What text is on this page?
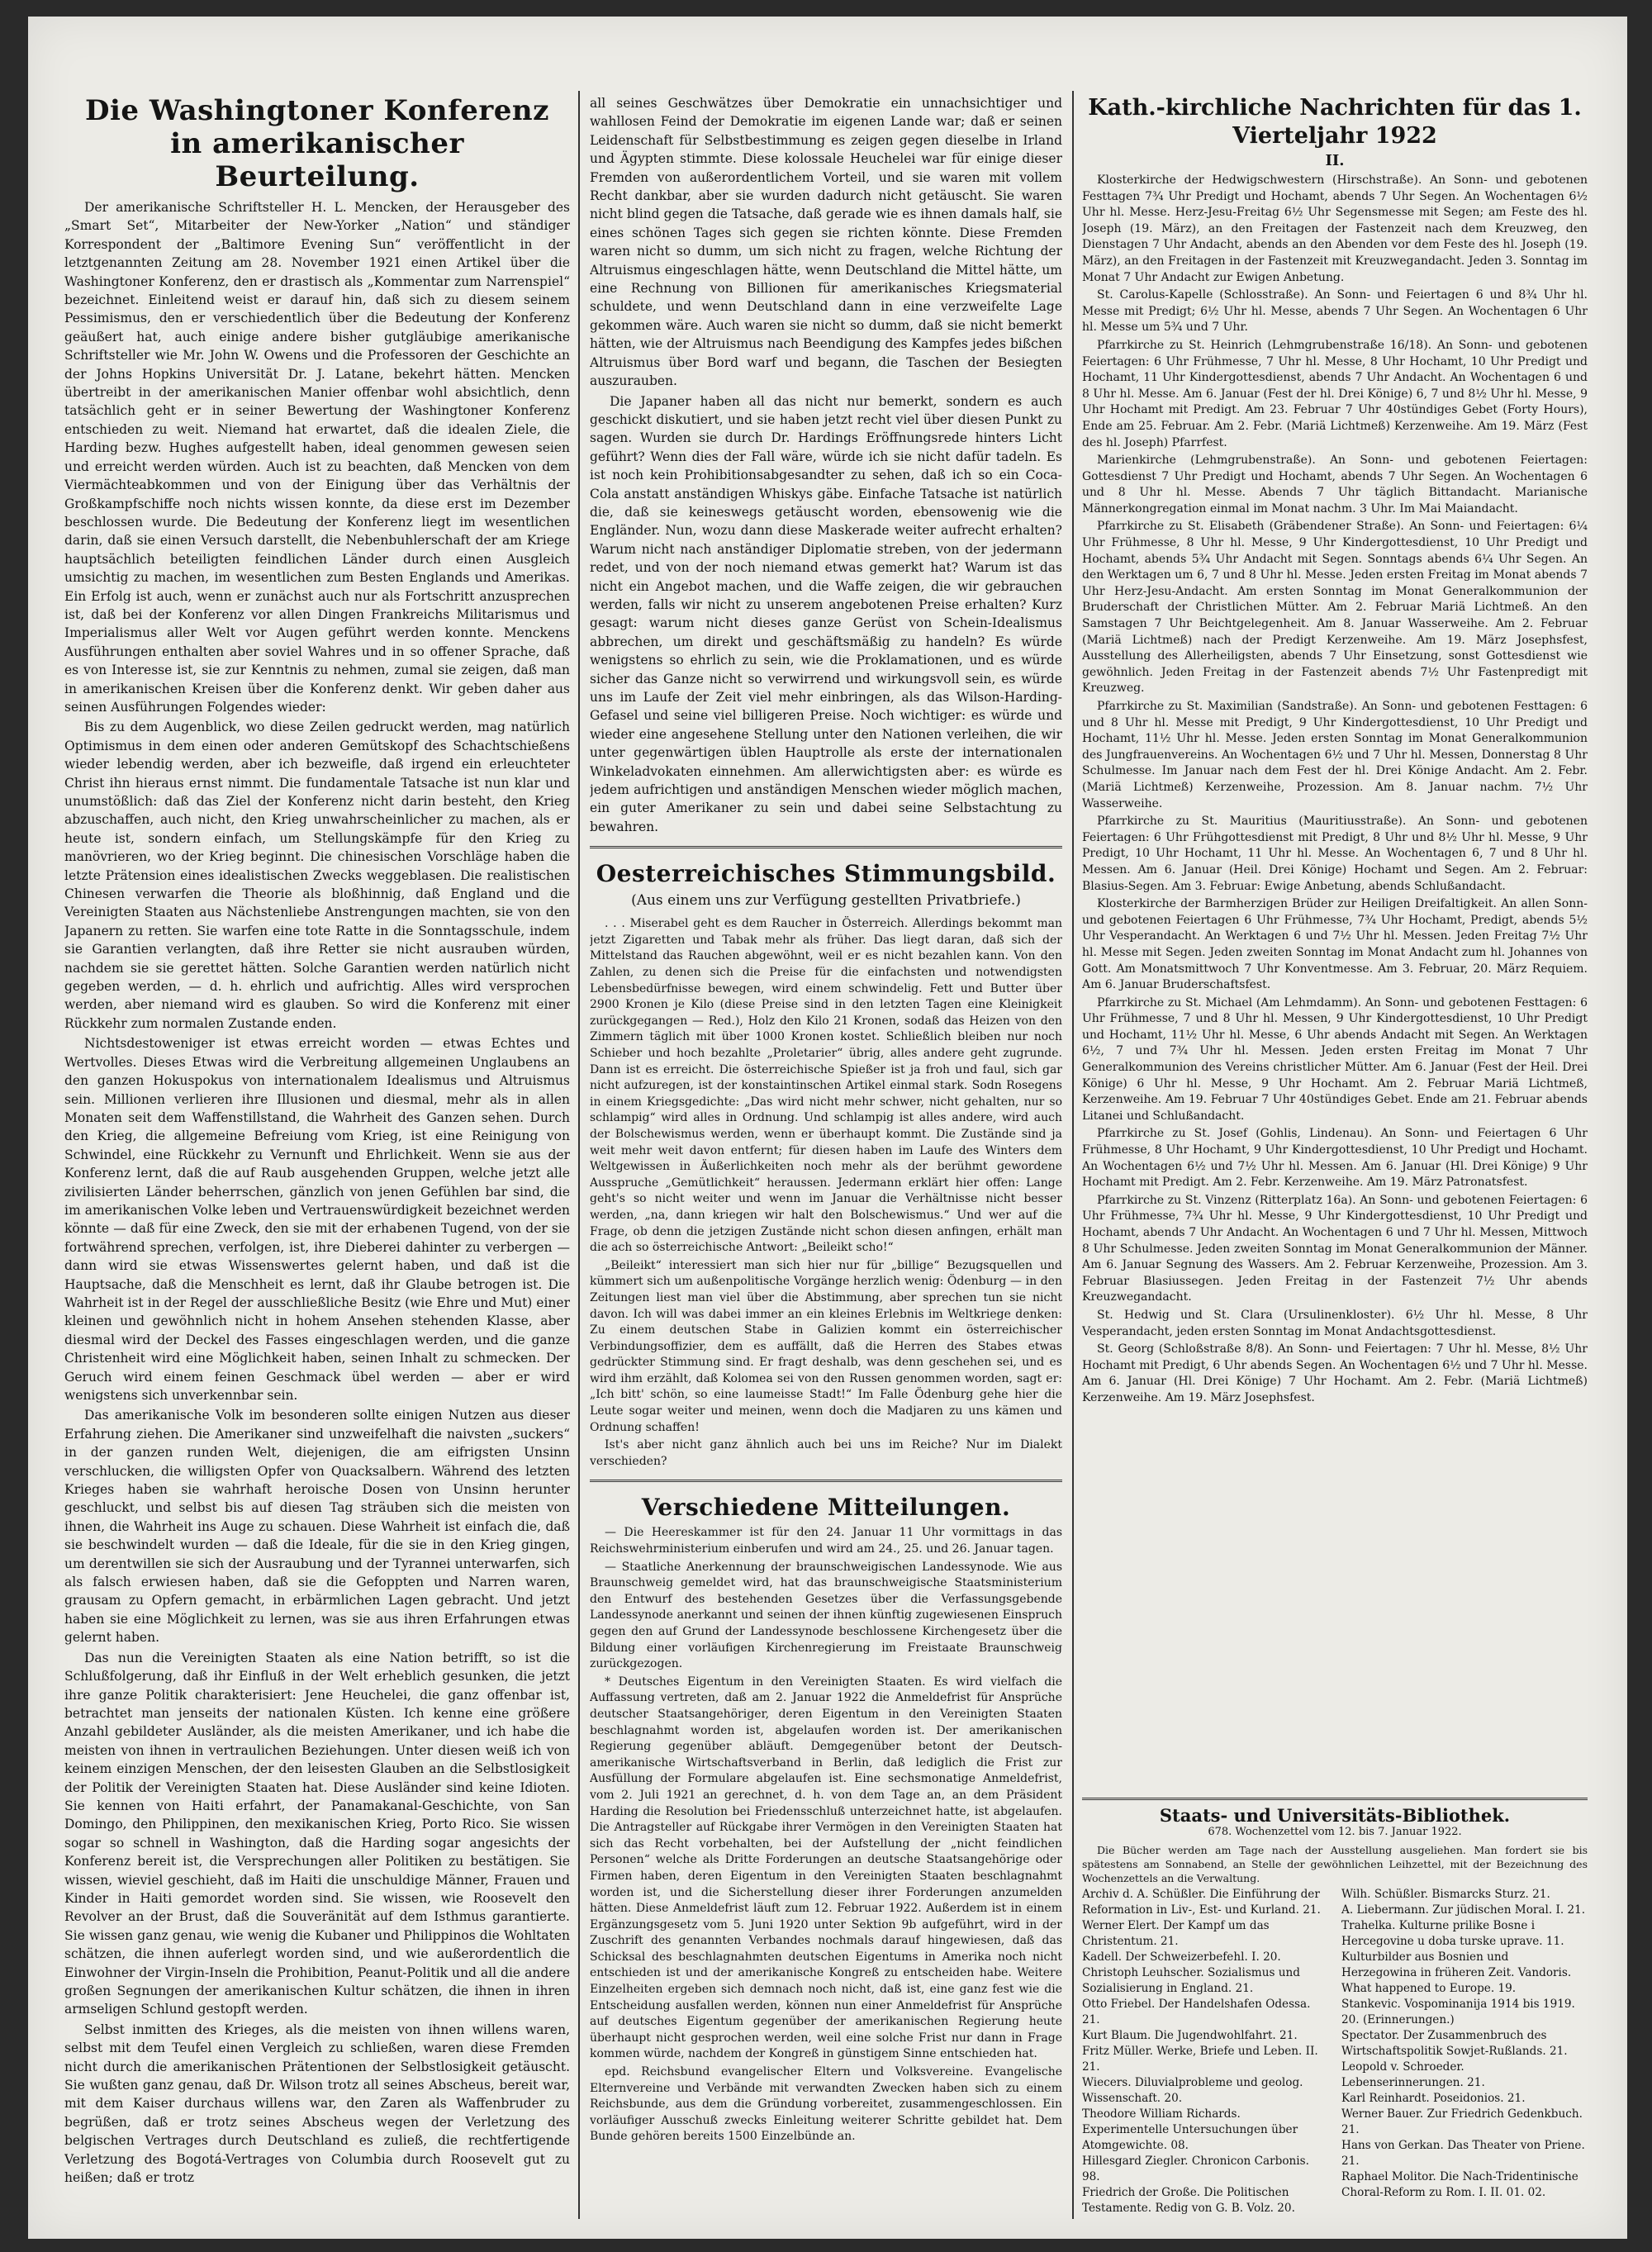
Die Washingtoner Konferenz in amerikanischer Beurteilung.

Der amerikanische Schriftsteller H. L. Mencken, der Herausgeber des „Smart Set“, Mitarbeiter der New-Yorker „Nation“ und ständiger Korrespondent der „Baltimore Evening Sun“ veröffentlicht in der letztgenannten Zeitung am 28. November 1921 einen Artikel über die Washingtoner Konferenz, den er drastisch als „Kommentar zum Narrenspiel“ bezeichnet. Einleitend weist er darauf hin, daß sich zu diesem seinem Pessimismus, den er verschiedentlich über die Bedeutung der Konferenz geäußert hat, auch einige andere bisher gutgläubige amerikanische Schriftsteller wie Mr. John W. Owens und die Professoren der Geschichte an der Johns Hopkins Universität Dr. J. Latane, bekehrt hätten. Mencken übertreibt in der amerikanischen Manier offenbar wohl absichtlich, denn tatsächlich geht er in seiner Bewertung der Washingtoner Konferenz entschieden zu weit. Niemand hat erwartet, daß die idealen Ziele, die Harding bezw. Hughes aufgestellt haben, ideal genommen gewesen seien und erreicht werden würden. Auch ist zu beachten, daß Mencken von dem Viermächteabkommen und von der Einigung über das Verhältnis der Großkampfschiffe noch nichts wissen konnte, da diese erst im Dezember beschlossen wurde. Die Bedeutung der Konferenz liegt im wesentlichen darin, daß sie einen Versuch darstellt, die Nebenbuhlerschaft der am Kriege hauptsächlich beteiligten feindlichen Länder durch einen Ausgleich umsichtig zu machen, im wesentlichen zum Besten Englands und Amerikas. Ein Erfolg ist auch, wenn er zunächst auch nur als Fortschritt anzusprechen ist, daß bei der Konferenz vor allen Dingen Frankreichs Militarismus und Imperialismus aller Welt vor Augen geführt werden konnte. Menckens Ausführungen enthalten aber soviel Wahres und in so offener Sprache, daß es von Interesse ist, sie zur Kenntnis zu nehmen, zumal sie zeigen, daß man in amerikanischen Kreisen über die Konferenz denkt. Wir geben daher aus seinen Ausführungen Folgendes wieder:

Bis zu dem Augenblick, wo diese Zeilen gedruckt werden, mag natürlich Optimismus in dem einen oder anderen Gemütskopf des Schachtschießens wieder lebendig werden, aber ich bezweifle, daß irgend ein erleuchteter Christ ihn hieraus ernst nimmt. Die fundamentale Tatsache ist nun klar und unumstößlich: daß das Ziel der Konferenz nicht darin besteht, den Krieg abzuschaffen, auch nicht, den Krieg unwahrscheinlicher zu machen, als er heute ist, sondern einfach, um Stellungskämpfe für den Krieg zu manövrieren, wo der Krieg beginnt. Die chinesischen Vorschläge haben die letzte Prätension eines idealistischen Zwecks weggeblasen. Die realistischen Chinesen verwarfen die Theorie als bloßhinnig, daß England und die Vereinigten Staaten aus Nächstenliebe Anstrengungen machten, sie von den Japanern zu retten. Sie warfen eine tote Ratte in die Sonntagsschule, indem sie Garantien verlangten, daß ihre Retter sie nicht ausrauben würden, nachdem sie sie gerettet hätten. Solche Garantien werden natürlich nicht gegeben werden, — d. h. ehrlich und aufrichtig. Alles wird versprochen werden, aber niemand wird es glauben. So wird die Konferenz mit einer Rückkehr zum normalen Zustande enden.

Nichtsdestoweniger ist etwas erreicht worden — etwas Echtes und Wertvolles. Dieses Etwas wird die Verbreitung allgemeinen Unglaubens an den ganzen Hokuspokus von internationalem Idealismus und Altruismus sein. Millionen verlieren ihre Illusionen und diesmal, mehr als in allen Monaten seit dem Waffenstillstand, die Wahrheit des Ganzen sehen. Durch den Krieg, die allgemeine Befreiung vom Krieg, ist eine Reinigung von Schwindel, eine Rückkehr zu Vernunft und Ehrlichkeit. Wenn sie aus der Konferenz lernt, daß die auf Raub ausgehenden Gruppen, welche jetzt alle zivilisierten Länder beherrschen, gänzlich von jenen Gefühlen bar sind, die im amerikanischen Volke leben und Vertrauenswürdigkeit bezeichnet werden könnte — daß für eine Zweck, den sie mit der erhabenen Tugend, von der sie fortwährend sprechen, verfolgen, ist, ihre Dieberei dahinter zu verbergen — dann wird sie etwas Wissenswertes gelernt haben, und daß ist die Hauptsache, daß die Menschheit es lernt, daß ihr Glaube betrogen ist. Die Wahrheit ist in der Regel der ausschließliche Besitz (wie Ehre und Mut) einer kleinen und gewöhnlich nicht in hohem Ansehen stehenden Klasse, aber diesmal wird der Deckel des Fasses eingeschlagen werden, und die ganze Christenheit wird eine Möglichkeit haben, seinen Inhalt zu schmecken. Der Geruch wird einem feinen Geschmack übel werden — aber er wird wenigstens sich unverkennbar sein.

Das amerikanische Volk im besonderen sollte einigen Nutzen aus dieser Erfahrung ziehen. Die Amerikaner sind unzweifelhaft die naivsten „suckers“ in der ganzen runden Welt, diejenigen, die am eifrigsten Unsinn verschlucken, die willigsten Opfer von Quacksalbern. Während des letzten Krieges haben sie wahrhaft heroische Dosen von Unsinn herunter geschluckt, und selbst bis auf diesen Tag sträuben sich die meisten von ihnen, die Wahrheit ins Auge zu schauen. Diese Wahrheit ist einfach die, daß sie beschwindelt wurden — daß die Ideale, für die sie in den Krieg gingen, um derentwillen sie sich der Ausraubung und der Tyrannei unterwarfen, sich als falsch erwiesen haben, daß sie die Gefoppten und Narren waren, grausam zu Opfern gemacht, in erbärmlichen Lagen gebracht. Und jetzt haben sie eine Möglichkeit zu lernen, was sie aus ihren Erfahrungen etwas gelernt haben.

Das nun die Vereinigten Staaten als eine Nation betrifft, so ist die Schlußfolgerung, daß ihr Einfluß in der Welt erheblich gesunken, die jetzt ihre ganze Politik charakterisiert: Jene Heuchelei, die ganz offenbar ist, betrachtet man jenseits der nationalen Küsten. Ich kenne eine größere Anzahl gebildeter Ausländer, als die meisten Amerikaner, und ich habe die meisten von ihnen in vertraulichen Beziehungen. Unter diesen weiß ich von keinem einzigen Menschen, der den leisesten Glauben an die Selbstlosigkeit der Politik der Vereinigten Staaten hat. Diese Ausländer sind keine Idioten. Sie kennen von Haiti erfahrt, der Panamakanal-Geschichte, von San Domingo, den Philippinen, den mexikanischen Krieg, Porto Rico. Sie wissen sogar so schnell in Washington, daß die Harding sogar angesichts der Konferenz bereit ist, die Versprechungen aller Politiken zu bestätigen. Sie wissen, wieviel geschieht, daß im Haiti die unschuldige Männer, Frauen und Kinder in Haiti gemordet worden sind. Sie wissen, wie Roosevelt den Revolver an der Brust, daß die Souveränität auf dem Isthmus garantierte. Sie wissen ganz genau, wie wenig die Kubaner und Philippinos die Wohltaten schätzen, die ihnen auferlegt worden sind, und wie außerordentlich die Einwohner der Virgin-Inseln die Prohibition, Peanut-Politik und all die andere großen Segnungen der amerikanischen Kultur schätzen, die ihnen in ihren armseligen Schlund gestopft werden.

Selbst inmitten des Krieges, als die meisten von ihnen willens waren, selbst mit dem Teufel einen Vergleich zu schließen, waren diese Fremden nicht durch die amerikanischen Prätentionen der Selbstlosigkeit getäuscht. Sie wußten ganz genau, daß Dr. Wilson trotz all seines Abscheus, bereit war, mit dem Kaiser durchaus willens war, den Zaren als Waffenbruder zu begrüßen, daß er trotz seines Abscheus wegen der Verletzung des belgischen Vertrages durch Deutschland es zuließ, die rechtfertigende Verletzung des Bogotá-Vertrages von Columbia durch Roosevelt gut zu heißen; daß er trotz

all seines Geschwätzes über Demokratie ein unnachsichtiger und wahllosen Feind der Demokratie im eigenen Lande war; daß er seinen Leidenschaft für Selbstbestimmung es zeigen gegen dieselbe in Irland und Ägypten stimmte. Diese kolossale Heuchelei war für einige dieser Fremden von außerordentlichem Vorteil, und sie waren mit vollem Recht dankbar, aber sie wurden dadurch nicht getäuscht. Sie waren nicht blind gegen die Tatsache, daß gerade wie es ihnen damals half, sie eines schönen Tages sich gegen sie richten könnte. Diese Fremden waren nicht so dumm, um sich nicht zu fragen, welche Richtung der Altruismus eingeschlagen hätte, wenn Deutschland die Mittel hätte, um eine Rechnung von Billionen für amerikanisches Kriegsmaterial schuldete, und wenn Deutschland dann in eine verzweifelte Lage gekommen wäre. Auch waren sie nicht so dumm, daß sie nicht bemerkt hätten, wie der Altruismus nach Beendigung des Kampfes jedes bißchen Altruismus über Bord warf und begann, die Taschen der Besiegten auszurauben.

Die Japaner haben all das nicht nur bemerkt, sondern es auch geschickt diskutiert, und sie haben jetzt recht viel über diesen Punkt zu sagen. Wurden sie durch Dr. Hardings Eröffnungsrede hinters Licht geführt? Wenn dies der Fall wäre, würde ich sie nicht dafür tadeln. Es ist noch kein Prohibitionsabgesandter zu sehen, daß ich so ein Coca-Cola anstatt anständigen Whiskys gäbe. Einfache Tatsache ist natürlich die, daß sie keineswegs getäuscht worden, ebensowenig wie die Engländer. Nun, wozu dann diese Maskerade weiter aufrecht erhalten? Warum nicht nach anständiger Diplomatie streben, von der jedermann redet, und von der noch niemand etwas gemerkt hat? Warum ist das nicht ein Angebot machen, und die Waffe zeigen, die wir gebrauchen werden, falls wir nicht zu unserem angebotenen Preise erhalten? Kurz gesagt: warum nicht dieses ganze Gerüst von Schein-Idealismus abbrechen, um direkt und geschäftsmäßig zu handeln? Es würde wenigstens so ehrlich zu sein, wie die Proklamationen, und es würde sicher das Ganze nicht so verwirrend und wirkungsvoll sein, es würde uns im Laufe der Zeit viel mehr einbringen, als das Wilson-Harding-Gefasel und seine viel billigeren Preise. Noch wichtiger: es würde und wieder eine angesehene Stellung unter den Nationen verleihen, die wir unter gegenwärtigen üblen Hauptrolle als erste der internationalen Winkeladvokaten einnehmen. Am allerwichtigsten aber: es würde es jedem aufrichtigen und anständigen Menschen wieder möglich machen, ein guter Amerikaner zu sein und dabei seine Selbstachtung zu bewahren.

Oesterreichisches Stimmungsbild.
(Aus einem uns zur Verfügung gestellten Privatbriefe.)

. . . Miserabel geht es dem Raucher in Österreich. Allerdings bekommt man jetzt Zigaretten und Tabak mehr als früher. Das liegt daran, daß sich der Mittelstand das Rauchen abgewöhnt, weil er es nicht bezahlen kann. Von den Zahlen, zu denen sich die Preise für die einfachsten und notwendigsten Lebensbedürfnisse bewegen, wird einem schwindelig. Fett und Butter über 2900 Kronen je Kilo (diese Preise sind in den letzten Tagen eine Kleinigkeit zurückgegangen — Red.), Holz den Kilo 21 Kronen, sodaß das Heizen von den Zimmern täglich mit über 1000 Kronen kostet. Schließlich bleiben nur noch Schieber und hoch bezahlte „Proletarier“ übrig, alles andere geht zugrunde. Dann ist es erreicht. Die österreichische Spießer ist ja froh und faul, sich gar nicht aufzuregen, ist der konstaintinschen Artikel einmal stark. Sodn Rosegens in einem Kriegsgedichte: „Das wird nicht mehr schwer, nicht gehalten, nur so schlampig“ wird alles in Ordnung. Und schlampig ist alles andere, wird auch der Bolschewismus werden, wenn er überhaupt kommt. Die Zustände sind ja weit mehr weit davon entfernt; für diesen haben im Laufe des Winters dem Weltgewissen in Äußerlichkeiten noch mehr als der berühmt gewordene Ausspruche „Gemütlichkeit“ heraussen. Jedermann erklärt hier offen: Lange geht's so nicht weiter und wenn im Januar die Verhältnisse nicht besser werden, „na, dann kriegen wir halt den Bolschewismus.“ Und wer auf die Frage, ob denn die jetzigen Zustände nicht schon diesen anfingen, erhält man die ach so österreichische Antwort: „Beileikt scho!“

„Beileikt“ interessiert man sich hier nur für „billige“ Bezugsquellen und kümmert sich um außenpolitische Vorgänge herzlich wenig: Ödenburg — in den Zeitungen liest man viel über die Abstimmung, aber sprechen tun sie nicht davon. Ich will was dabei immer an ein kleines Erlebnis im Weltkriege denken: Zu einem deutschen Stabe in Galizien kommt ein österreichischer Verbindungsoffizier, dem es auffällt, daß die Herren des Stabes etwas gedrückter Stimmung sind. Er fragt deshalb, was denn geschehen sei, und es wird ihm erzählt, daß Kolomea sei von den Russen genommen worden, sagt er: „Ich bitt' schön, so eine laumeisse Stadt!“ Im Falle Ödenburg gehe hier die Leute sogar weiter und meinen, wenn doch die Madjaren zu uns kämen und Ordnung schaffen!

Ist's aber nicht ganz ähnlich auch bei uns im Reiche? Nur im Dialekt verschieden?

Verschiedene Mitteilungen.

— Die Heereskammer ist für den 24. Januar 11 Uhr vormittags in das Reichswehrministerium einberufen und wird am 24., 25. und 26. Januar tagen.

— Staatliche Anerkennung der braunschweigischen Landessynode. Wie aus Braunschweig gemeldet wird, hat das braunschweigische Staatsministerium den Entwurf des bestehenden Gesetzes über die Verfassungsgebende Landessynode anerkannt und seinen der ihnen künftig zugewiesenen Einspruch gegen den auf Grund der Landessynode beschlossene Kirchengesetz über die Bildung einer vorläufigen Kirchenregierung im Freistaate Braunschweig zurückgezogen.

* Deutsches Eigentum in den Vereinigten Staaten. Es wird vielfach die Auffassung vertreten, daß am 2. Januar 1922 die Anmeldefrist für Ansprüche deutscher Staatsangehöriger, deren Eigentum in den Vereinigten Staaten beschlagnahmt worden ist, abgelaufen worden ist. Der amerikanischen Regierung gegenüber abläuft. Demgegenüber betont der Deutsch-amerikanische Wirtschaftsverband in Berlin, daß lediglich die Frist zur Ausfüllung der Formulare abgelaufen ist. Eine sechsmonatige Anmeldefrist, vom 2. Juli 1921 an gerechnet, d. h. von dem Tage an, an dem Präsident Harding die Resolution bei Friedensschluß unterzeichnet hatte, ist abgelaufen. Die Antragsteller auf Rückgabe ihrer Vermögen in den Vereinigten Staaten hat sich das Recht vorbehalten, bei der Aufstellung der „nicht feindlichen Personen“ welche als Dritte Forderungen an deutsche Staatsangehörige oder Firmen haben, deren Eigentum in den Vereinigten Staaten beschlagnahmt worden ist, und die Sicherstellung dieser ihrer Forderungen anzumelden hätten. Diese Anmeldefrist läuft zum 12. Februar 1922. Außerdem ist in einem Ergänzungsgesetz vom 5. Juni 1920 unter Sektion 9b aufgeführt, wird in der Zuschrift des genannten Verbandes nochmals darauf hingewiesen, daß das Schicksal des beschlagnahmten deutschen Eigentums in Amerika noch nicht entschieden ist und der amerikanische Kongreß zu entscheiden habe. Weitere Einzelheiten ergeben sich demnach noch nicht, daß ist, eine ganz fest wie die Entscheidung ausfallen werden, können nun einer Anmeldefrist für Ansprüche auf deutsches Eigentum gegenüber der amerikanischen Regierung heute überhaupt nicht gesprochen werden, weil eine solche Frist nur dann in Frage kommen würde, nachdem der Kongreß in günstigem Sinne entschieden hat.

epd. Reichsbund evangelischer Eltern und Volksvereine. Evangelische Elternvereine und Verbände mit verwandten Zwecken haben sich zu einem Reichsbunde, aus dem die Gründung vorbereitet, zusammengeschlossen. Ein vorläufiger Ausschuß zwecks Einleitung weiterer Schritte gebildet hat. Dem Bunde gehören bereits 1500 Einzelbünde an.

Kath.-kirchliche Nachrichten für das 1. Vierteljahr 1922
II.

Klosterkirche der Hedwigschwestern (Hirschstraße). An Sonn- und gebotenen Festtagen 7¾ Uhr Predigt und Hochamt, abends 7 Uhr Segen. An Wochentagen 6½ Uhr hl. Messe. Herz-Jesu-Freitag 6½ Uhr Segensmesse mit Segen; am Feste des hl. Joseph (19. März), an den Freitagen der Fastenzeit nach dem Kreuzweg, den Dienstagen 7 Uhr Andacht, abends an den Abenden vor dem Feste des hl. Joseph (19. März), an den Freitagen in der Fastenzeit mit Kreuzwegandacht. Jeden 3. Sonntag im Monat 7 Uhr Andacht zur Ewigen Anbetung.

St. Carolus-Kapelle (Schlosstraße). An Sonn- und Feiertagen 6 und 8¾ Uhr hl. Messe mit Predigt; 6½ Uhr hl. Messe, abends 7 Uhr Segen. An Wochentagen 6 Uhr hl. Messe um 5¾ und 7 Uhr.

Pfarrkirche zu St. Heinrich (Lehmgrubenstraße 16/18). An Sonn- und gebotenen Feiertagen: 6 Uhr Frühmesse, 7 Uhr hl. Messe, 8 Uhr Hochamt, 10 Uhr Predigt und Hochamt, 11 Uhr Kindergottesdienst, abends 7 Uhr Andacht. An Wochentagen 6 und 8 Uhr hl. Messe. Am 6. Januar (Fest der hl. Drei Könige) 6, 7 und 8½ Uhr hl. Messe, 9 Uhr Hochamt mit Predigt. Am 23. Februar 7 Uhr 40stündiges Gebet (Forty Hours), Ende am 25. Februar. Am 2. Febr. (Mariä Lichtmeß) Kerzenweihe. Am 19. März (Fest des hl. Joseph) Pfarrfest.

Marienkirche (Lehmgrubenstraße). An Sonn- und gebotenen Feiertagen: Gottesdienst 7 Uhr Predigt und Hochamt, abends 7 Uhr Segen. An Wochentagen 6 und 8 Uhr hl. Messe. Abends 7 Uhr täglich Bittandacht. Marianische Männerkongregation einmal im Monat nachm. 3 Uhr. Im Mai Maiandacht.

Pfarrkirche zu St. Elisabeth (Gräbendener Straße). An Sonn- und Feiertagen: 6¼ Uhr Frühmesse, 8 Uhr hl. Messe, 9 Uhr Kindergottesdienst, 10 Uhr Predigt und Hochamt, abends 5¾ Uhr Andacht mit Segen. Sonntags abends 6¼ Uhr Segen. An den Werktagen um 6, 7 und 8 Uhr hl. Messe. Jeden ersten Freitag im Monat abends 7 Uhr Herz-Jesu-Andacht. Am ersten Sonntag im Monat Generalkommunion der Bruderschaft der Christlichen Mütter. Am 2. Februar Mariä Lichtmeß. An den Samstagen 7 Uhr Beichtgelegenheit. Am 8. Januar Wasserweihe. Am 2. Februar (Mariä Lichtmeß) nach der Predigt Kerzenweihe. Am 19. März Josephsfest, Ausstellung des Allerheiligsten, abends 7 Uhr Einsetzung, sonst Gottesdienst wie gewöhnlich. Jeden Freitag in der Fastenzeit abends 7½ Uhr Fastenpredigt mit Kreuzweg.

Pfarrkirche zu St. Maximilian (Sandstraße). An Sonn- und gebotenen Festtagen: 6 und 8 Uhr hl. Messe mit Predigt, 9 Uhr Kindergottesdienst, 10 Uhr Predigt und Hochamt, 11½ Uhr hl. Messe. Jeden ersten Sonntag im Monat Generalkommunion des Jungfrauenvereins. An Wochentagen 6½ und 7 Uhr hl. Messen, Donnerstag 8 Uhr Schulmesse. Im Januar nach dem Fest der hl. Drei Könige Andacht. Am 2. Febr. (Mariä Lichtmeß) Kerzenweihe, Prozession. Am 8. Januar nachm. 7½ Uhr Wasserweihe.

Pfarrkirche zu St. Mauritius (Mauritiusstraße). An Sonn- und gebotenen Feiertagen: 6 Uhr Frühgottesdienst mit Predigt, 8 Uhr und 8½ Uhr hl. Messe, 9 Uhr Predigt, 10 Uhr Hochamt, 11 Uhr hl. Messe. An Wochentagen 6, 7 und 8 Uhr hl. Messen. Am 6. Januar (Heil. Drei Könige) Hochamt und Segen. Am 2. Februar: Blasius-Segen. Am 3. Februar: Ewige Anbetung, abends Schlußandacht.

Klosterkirche der Barmherzigen Brüder zur Heiligen Dreifaltigkeit. An allen Sonn- und gebotenen Feiertagen 6 Uhr Frühmesse, 7¾ Uhr Hochamt, Predigt, abends 5½ Uhr Vesperandacht. An Werktagen 6 und 7½ Uhr hl. Messen. Jeden Freitag 7½ Uhr hl. Messe mit Segen. Jeden zweiten Sonntag im Monat Andacht zum hl. Johannes von Gott. Am Monatsmittwoch 7 Uhr Konventmesse. Am 3. Februar, 20. März Requiem. Am 6. Januar Bruderschaftsfest.

Pfarrkirche zu St. Michael (Am Lehmdamm). An Sonn- und gebotenen Festtagen: 6 Uhr Frühmesse, 7 und 8 Uhr hl. Messen, 9 Uhr Kindergottesdienst, 10 Uhr Predigt und Hochamt, 11½ Uhr hl. Messe, 6 Uhr abends Andacht mit Segen. An Werktagen 6½, 7 und 7¾ Uhr hl. Messen. Jeden ersten Freitag im Monat 7 Uhr Generalkommunion des Vereins christlicher Mütter. Am 6. Januar (Fest der Heil. Drei Könige) 6 Uhr hl. Messe, 9 Uhr Hochamt. Am 2. Februar Mariä Lichtmeß, Kerzenweihe. Am 19. Februar 7 Uhr 40stündiges Gebet. Ende am 21. Februar abends Litanei und Schlußandacht.

Pfarrkirche zu St. Josef (Gohlis, Lindenau). An Sonn- und Feiertagen 6 Uhr Frühmesse, 8 Uhr Hochamt, 9 Uhr Kindergottesdienst, 10 Uhr Predigt und Hochamt. An Wochentagen 6½ und 7½ Uhr hl. Messen. Am 6. Januar (Hl. Drei Könige) 9 Uhr Hochamt mit Predigt. Am 2. Febr. Kerzenweihe. Am 19. März Patronatsfest.

Pfarrkirche zu St. Vinzenz (Ritterplatz 16a). An Sonn- und gebotenen Feiertagen: 6 Uhr Frühmesse, 7¾ Uhr hl. Messe, 9 Uhr Kindergottesdienst, 10 Uhr Predigt und Hochamt, abends 7 Uhr Andacht. An Wochentagen 6 und 7 Uhr hl. Messen, Mittwoch 8 Uhr Schulmesse. Jeden zweiten Sonntag im Monat Generalkommunion der Männer. Am 6. Januar Segnung des Wassers. Am 2. Februar Kerzenweihe, Prozession. Am 3. Februar Blasiussegen. Jeden Freitag in der Fastenzeit 7½ Uhr abends Kreuzwegandacht.

St. Hedwig und St. Clara (Ursulinenkloster). 6½ Uhr hl. Messe, 8 Uhr Vesperandacht, jeden ersten Sonntag im Monat Andachtsgottesdienst.

St. Georg (Schloßstraße 8/8). An Sonn- und Feiertagen: 7 Uhr hl. Messe, 8½ Uhr Hochamt mit Predigt, 6 Uhr abends Segen. An Wochentagen 6½ und 7 Uhr hl. Messe. Am 6. Januar (Hl. Drei Könige) 7 Uhr Hochamt. Am 2. Febr. (Mariä Lichtmeß) Kerzenweihe. Am 19. März Josephsfest.

Staats- und Universitäts-Bibliothek.
678. Wochenzettel vom 12. bis 7. Januar 1922.

Die Bücher werden am Tage nach der Ausstellung ausgeliehen. Man fordert sie bis spätestens am Sonnabend, an Stelle der gewöhnlichen Leihzettel, mit der Bezeichnung des Wochenzettels an die Verwaltung.

Archiv d. A. Schüßler. Die Einführung der Reformation in Liv-, Est- und Kurland. 21.
Werner Elert. Der Kampf um das Christentum. 21.
Kadell. Der Schweizerbefehl. I. 20.
Christoph Leuhscher. Sozialismus und Sozialisierung in England. 21.
Otto Friebel. Der Handelshafen Odessa. 21.
Kurt Blaum. Die Jugendwohlfahrt. 21.
Fritz Müller. Werke, Briefe und Leben. II. 21.
Wiecers. Diluvialprobleme und geolog. Wissenschaft. 20.
Theodore William Richards. Experimentelle Untersuchungen über Atomgewichte. 08.
Hillesgard Ziegler. Chronicon Carbonis. 98.
Friedrich der Große. Die Politischen Testamente. Redig von G. B. Volz. 20.
Wilh. Schüßler. Bismarcks Sturz. 21.
A. Liebermann. Zur jüdischen Moral. I. 21.
Trahelka. Kulturne prilike Bosne i Hercegovine u doba turske uprave. 11. Kulturbilder aus Bosnien und Herzegowina in früheren Zeit. Vandoris. What happened to Europe. 19.
Stankevic. Vospominanija 1914 bis 1919. 20. (Erinnerungen.)
Spectator. Der Zusammenbruch des Wirtschaftspolitik Sowjet-Rußlands. 21.
Leopold v. Schroeder. Lebenserinnerungen. 21.
Karl Reinhardt. Poseidonios. 21.
Werner Bauer. Zur Friedrich Gedenkbuch. 21.
Hans von Gerkan. Das Theater von Priene. 21.
Raphael Molitor. Die Nach-Tridentinische Choral-Reform zu Rom. I. II. 01. 02.
